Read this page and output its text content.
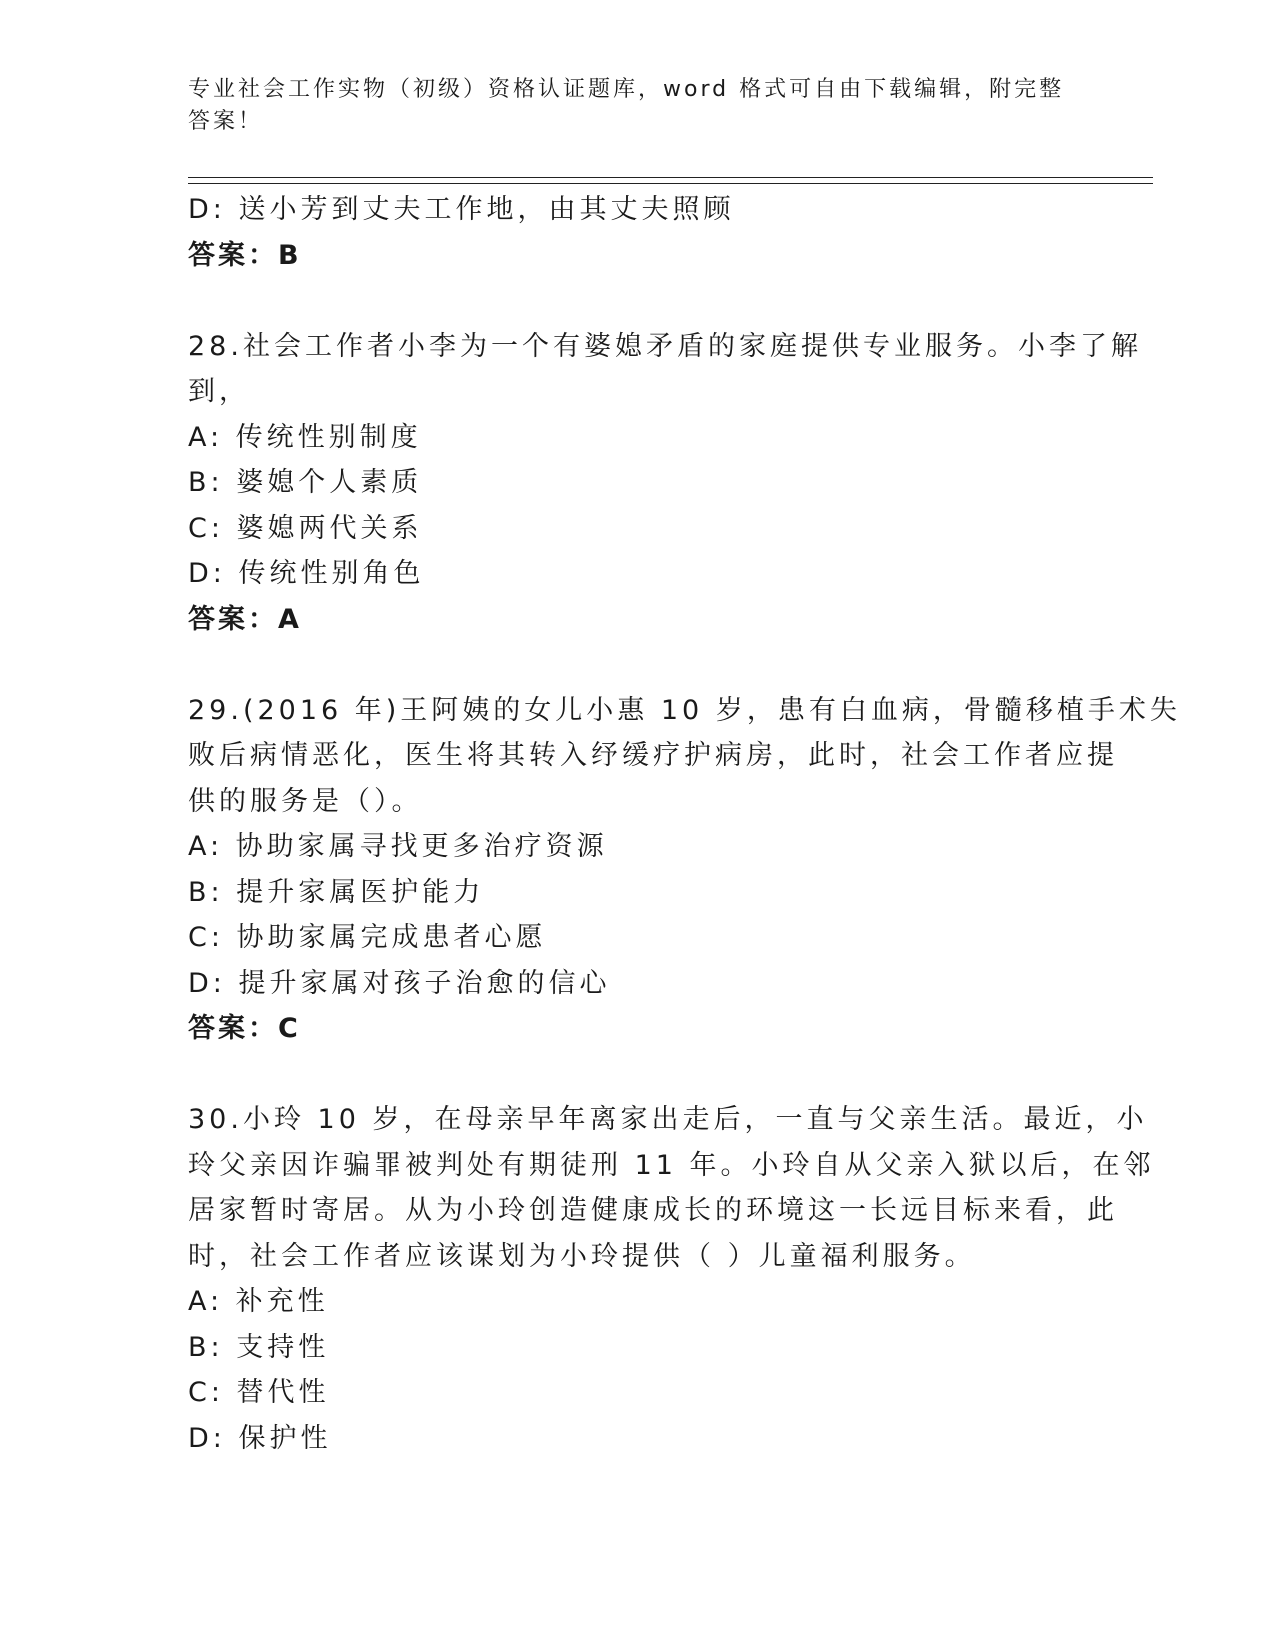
专业社会工作实物（初级）资格认证题库，word 格式可自由下载编辑，附完整答案！
D: 送小芳到丈夫工作地，由其丈夫照顾
答案：B
28.社会工作者小李为一个有婆媳矛盾的家庭提供专业服务。小李了解
到，
A: 传统性别制度
B: 婆媳个人素质
C: 婆媳两代关系
D: 传统性别角色
答案：A
29.(2016 年)王阿姨的女儿小惠 10 岁，患有白血病，骨髓移植手术失
败后病情恶化，医生将其转入纾缓疗护病房，此时，社会工作者应提
供的服务是（）。
A: 协助家属寻找更多治疗资源
B: 提升家属医护能力
C: 协助家属完成患者心愿
D: 提升家属对孩子治愈的信心
答案：C
30.小玲 10 岁，在母亲早年离家出走后，一直与父亲生活。最近，小
玲父亲因诈骗罪被判处有期徒刑 11 年。小玲自从父亲入狱以后，在邻
居家暂时寄居。从为小玲创造健康成长的环境这一长远目标来看，此
时，社会工作者应该谋划为小玲提供（ ）儿童福利服务。
A: 补充性
B: 支持性
C: 替代性
D: 保护性
